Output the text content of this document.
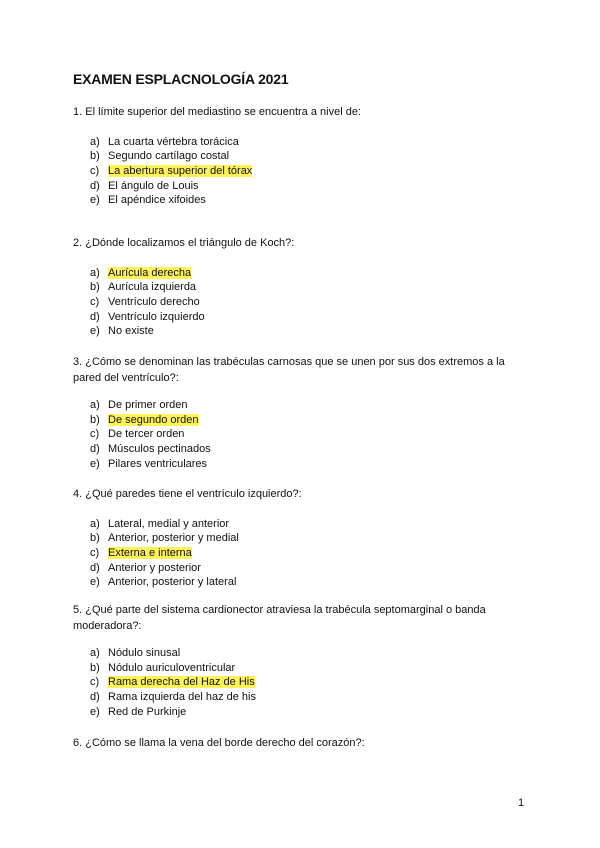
EXAMEN ESPLACNOLOGÍA 2021

1. El límite superior del mediastino se encuentra a nivel de:

a) La cuarta vértebra torácica
b) Segundo cartílago costal
c) La abertura superior del tórax
d) El ángulo de Louis
e) El apéndice xifoides

2. ¿Dónde localizamos el triángulo de Koch?:

a) Aurícula derecha
b) Aurícula izquierda
c) Ventrículo derecho
d) Ventrículo izquierdo
e) No existe

3. ¿Cómo se denominan las trabéculas carnosas que se unen por sus dos extremos a la pared del ventrículo?:

a) De primer orden
b) De segundo orden
c) De tercer orden
d) Músculos pectinados
e) Pilares ventriculares

4. ¿Qué paredes tiene el ventrículo izquierdo?:

a) Lateral, medial y anterior
b) Anterior, posterior y medial
c) Externa e interna
d) Anterior y posterior
e) Anterior, posterior y lateral

5. ¿Qué parte del sistema cardionector atraviesa la trabécula septomarginal o banda moderadora?:

a) Nódulo sinusal
b) Nódulo auriculoventricular
c) Rama derecha del Haz de His
d) Rama izquierda del haz de his
e) Red de Purkinje

6. ¿Cómo se llama la vena del borde derecho del corazón?:

1
